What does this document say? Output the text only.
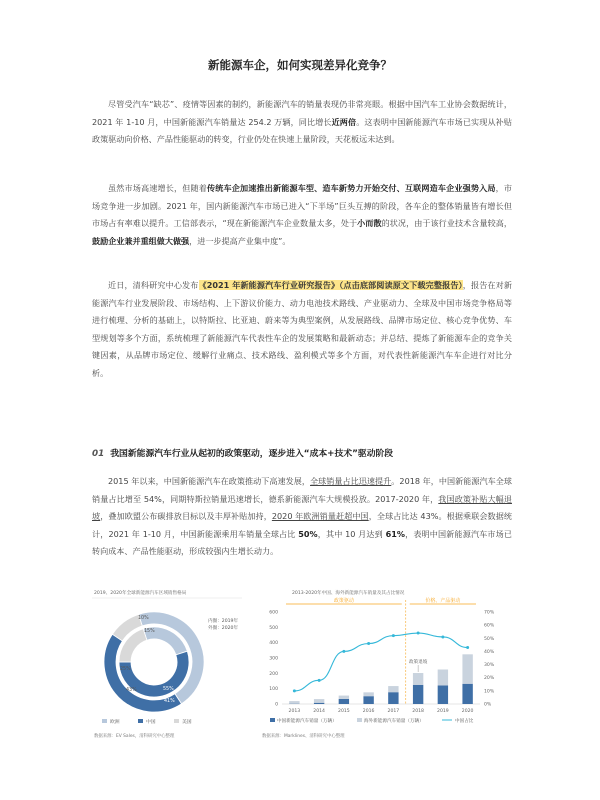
新能源车企，如何实现差异化竞争？
尽管受汽车“缺芯”、疫情等因素的制约，新能源汽车的销量表现仍非常亮眼。根据中国汽车工业协会数据统计，2021 年 1-10 月，中国新能源汽车销量达 254.2 万辆，同比增长近两倍。这表明中国新能源汽车市场已实现从补贴政策驱动向价格、产品性能驱动的转变，行业仍处在快速上量阶段，天花板远未达到。
虽然市场高速增长，但随着传统车企加速推出新能源车型、造车新势力开始交付、互联网造车企业强势入局，市场竞争进一步加剧。2021 年，国内新能源汽车市场已进入“下半场”巨头互搏的阶段，各车企的整体销量皆有增长但市场占有率难以提升。工信部表示，“现在新能源汽车企业数量太多，处于小而散的状况，由于该行业技术含量较高，鼓励企业兼并重组做大做强，进一步提高产业集中度”。
近日，清科研究中心发布《2021 年新能源汽车行业研究报告》（点击底部阅读原文下载完整报告），报告在对新能源汽车行业发展阶段、市场结构、上下游议价能力、动力电池技术路线、产业驱动力、全球及中国市场竞争格局等进行梳理、分析的基础上，以特斯拉、比亚迪、蔚来等为典型案例，从发展路线、品牌市场定位、核心竞争优势、车型规划等多个方面，系统梳理了新能源汽车代表性车企的发展策略和最新动态；并总结、提炼了新能源车企的竞争关键因素，从品牌市场定位、缓解行业痛点、技术路线、盈利模式等多个方面，对代表性新能源汽车车企进行对比分析。
01 我国新能源汽车行业从起初的政策驱动，逐步进入“成本+技术”驱动阶段
2015 年以来，中国新能源汽车在政策推动下高速发展，全球销量占比迅速提升。2018 年，中国新能源汽车全球销量占比增至 54%，同期特斯拉销量迅速增长，德系新能源汽车大规模投放。2017-2020 年，我国政策补贴大幅退坡，叠加欧盟公布碳排放目标以及丰厚补贴加持，2020 年欧洲销量赶超中国，全球占比达 43%。根据乘联会数据统计，2021 年 1-10 月，中国新能源乘用车销量全球占比 50%，其中 10 月达到 61%，表明中国新能源汽车市场已转向成本、产品性能驱动，形成较强内生增长动力。
2019、2020年全球新能源汽车区域销售格局
10%
15%
25%
43%
41%
55%
内圈：2019年
外圈：2020年
欧洲	中国	美国
数据来源：EV Sales，清科研究中心整理
2013-2020年中国、海外新能源汽车销量及其占比情况
0
100
200
300
400
500
600
0%
10%
20%
30%
40%
50%
60%
70%
政策驱动	价格、产品驱动
2013	2014	2015	2016	2017	2018	2019	2020
政策退坡
中国新能源汽车销量（万辆）	海外新能源汽车销量（万辆）	中国占比
数据来源：Marklines、清科研究中心整理
